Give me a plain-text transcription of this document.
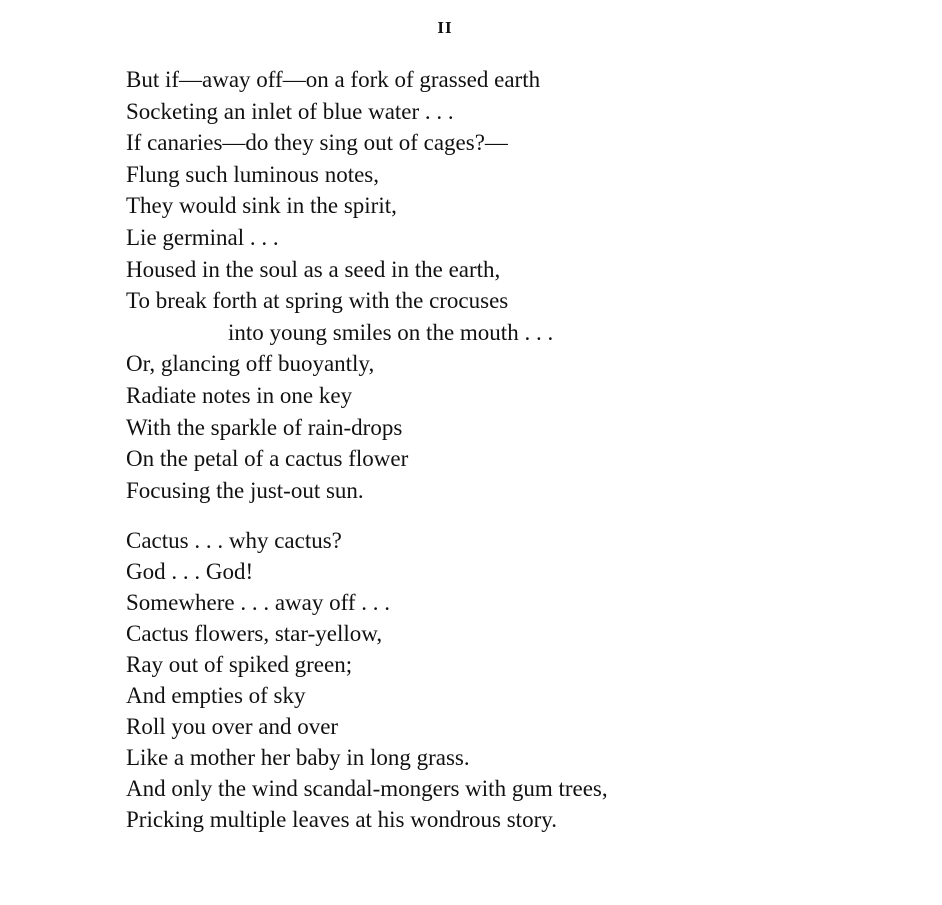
II
But if—away off—on a fork of grassed earth
Socketing an inlet of blue water . . .
If canaries—do they sing out of cages?—
Flung such luminous notes,
They would sink in the spirit,
Lie germinal . . .
Housed in the soul as a seed in the earth,
To break forth at spring with the crocuses
into young smiles on the mouth . . .
Or, glancing off buoyantly,
Radiate notes in one key
With the sparkle of rain-drops
On the petal of a cactus flower
Focusing the just-out sun.
Cactus . . . why cactus?
God . . . God!
Somewhere . . . away off . . .
Cactus flowers, star-yellow,
Ray out of spiked green;
And empties of sky
Roll you over and over
Like a mother her baby in long grass.
And only the wind scandal-mongers with gum trees,
Pricking multiple leaves at his wondrous story.
